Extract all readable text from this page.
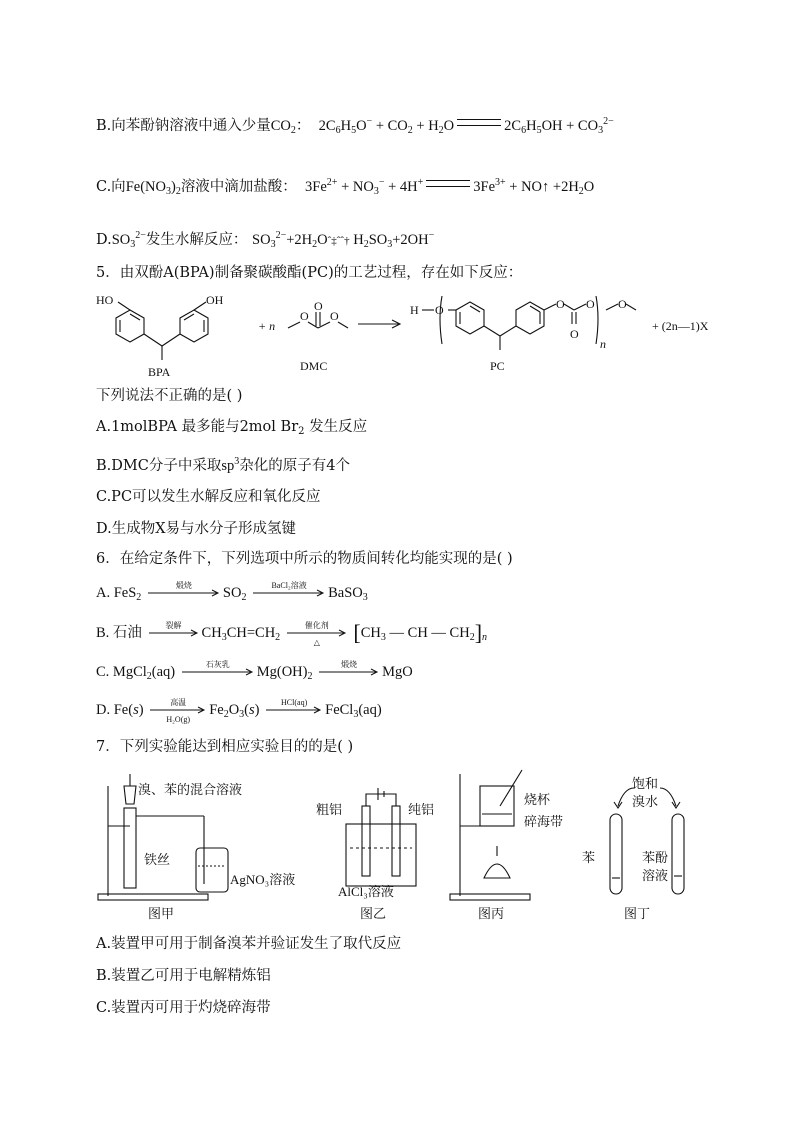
B.向苯酚钠溶液中通入少量$CO_2$：  $2C_6H_5O^- + CO_2 + H_2O$	$2C_6H_5OH + CO_3^{2-}$
C.向$Fe(NO_3)_2$溶液中滴加盐酸：  $3Fe^{2+} + NO_3^- + 4H^+$	$3Fe^{3+}$ + NO↑ $+2H_2O$
$D.SO_3^{2-}$发生水解反应： $SO_3^{2-}+2H_2Oˆ\ddagger ˆˆ\dagger$ $H_2SO_3+2OH^-$
5．由双酚A(BPA)制备聚碳酸酯(PC)的工艺过程，存在如下反应：
HO	OH
BPA
+ n
O
O
O
DMC
H O	O
O
O O
n
PC
+ (2n—1)X
下列说法不正确的是( )
A.1molBPA 最多能与2mol $Br_2$ 发生反应
B.DMC分子中采取$sp^3$杂化的原子有4个
C.PC可以发生水解反应和氧化反应
D.生成物X易与水分子形成氢键
6．在给定条件下，下列选项中所示的物质间转化均能实现的是( )
A. FeS$_2$
煅烧	$SO_2$
BaCl₂溶液	BaSO$_3$
B. 石油	裂解	$CH_3CH=CH_2$
催化剂
△	[$CH_3$ — CH — $CH_2]_n$
C. MgCl$_2$(aq)	石灰乳	$Mg(OH)_2$
煅烧	MgO
D. Fe(s)	高温
H₂O(g)
$Fe_2O_3(s)$	HCl(aq)	FeCl$_3$(aq)
7．下列实验能达到相应实验目的的是( )
溴、苯的混合溶液
铁丝
AgNO₃溶液
图甲
粗铝	纯铝
AlCl₃溶液
图乙
烧杯
碎海带
图丙
饱和
溴水
苯	苯酚
溶液
图丁
A.装置甲可用于制备溴苯并验证发生了取代反应
B.装置乙可用于电解精炼铝
C.装置丙可用于灼烧碎海带
